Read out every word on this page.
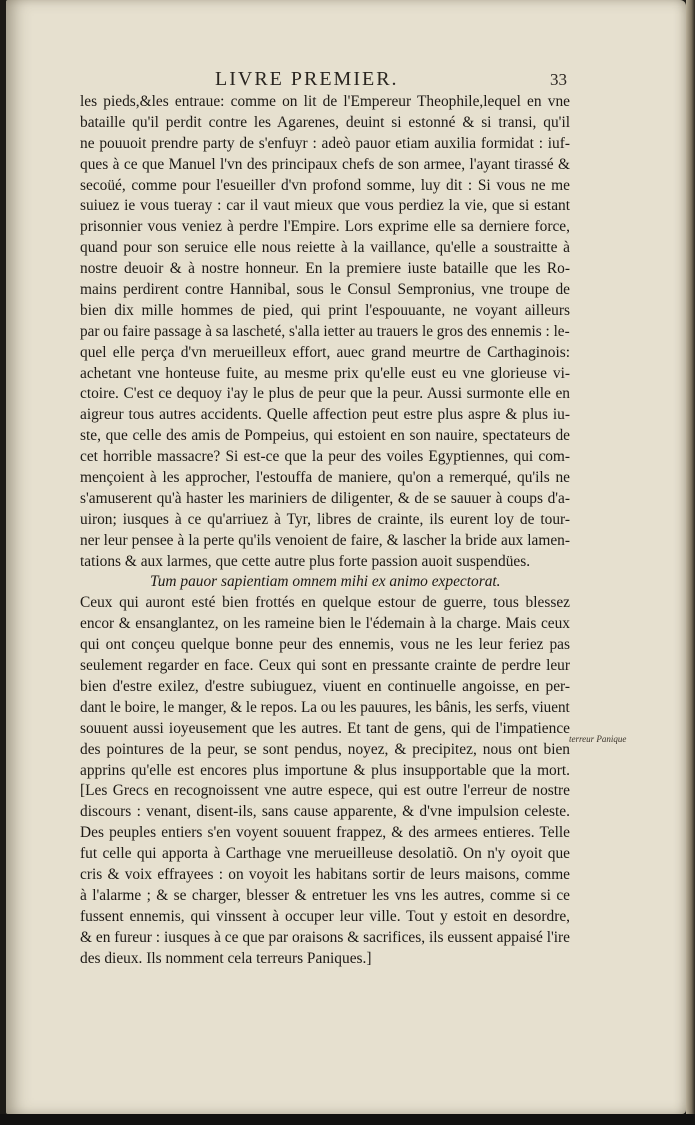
LIVRE PREMIER.	33
les pieds,&les entraue: comme on lit de l'Empereur Theophile,lequel en vne
bataille qu'il perdit contre les Agarenes, deuint si estonné & si transi, qu'il
ne pouuoit prendre party de s'enfuyr : adeò pauor etiam auxilia formidat : iuf-
ques à ce que Manuel l'vn des principaux chefs de son armee, l'ayant tirassé &
secoüé, comme pour l'esueiller d'vn profond somme, luy dit : Si vous ne me
suiuez ie vous tueray : car il vaut mieux que vous perdiez la vie, que si estant
prisonnier vous veniez à perdre l'Empire. Lors exprime elle sa derniere force,
quand pour son seruice elle nous reiette à la vaillance, qu'elle a soustraitte à
nostre deuoir & à nostre honneur. En la premiere iuste bataille que les Ro-
mains perdirent contre Hannibal, sous le Consul Sempronius, vne troupe de
bien dix mille hommes de pied, qui print l'espouuante, ne voyant ailleurs
par ou faire passage à sa lascheté, s'alla ietter au trauers le gros des ennemis : le-
quel elle perça d'vn merueilleux effort, auec grand meurtre de Carthaginois:
achetant vne honteuse fuite, au mesme prix qu'elle eust eu vne glorieuse vi-
ctoire. C'est ce dequoy i'ay le plus de peur que la peur. Aussi surmonte elle en
aigreur tous autres accidents. Quelle affection peut estre plus aspre & plus iu-
ste, que celle des amis de Pompeius, qui estoient en son nauire, spectateurs de
cet horrible massacre? Si est-ce que la peur des voiles Egyptiennes, qui com-
mençoient à les approcher, l'estouffa de maniere, qu'on a remerqué, qu'ils ne
s'amuserent qu'à haster les mariniers de diligenter, & de se sauuer à coups d'a-
uiron; iusques à ce qu'arriuez à Tyr, libres de crainte, ils eurent loy de tour-
ner leur pensee à la perte qu'ils venoient de faire, & lascher la bride aux lamen-
tations & aux larmes, que cette autre plus forte passion auoit suspendües.
Tum pauor sapientiam omnem mihi ex animo expectorat.
Ceux qui auront esté bien frottés en quelque estour de guerre, tous blessez
encor & ensanglantez, on les rameine bien le l'édemain à la charge. Mais ceux
qui ont conçeu quelque bonne peur des ennemis, vous ne les leur feriez pas
seulement regarder en face. Ceux qui sont en pressante crainte de perdre leur
bien d'estre exilez, d'estre subiuguez, viuent en continuelle angoisse, en per-
dant le boire, le manger, & le repos. La ou les pauures, les bânis, les serfs, viuent
souuent aussi ioyeusement que les autres. Et tant de gens, qui de l'impatience
des pointures de la peur, se sont pendus, noyez, & precipitez, nous ont bien
apprins qu'elle est encores plus importune & plus insupportable que la mort.
[Les Grecs en recognoissent vne autre espece, qui est outre l'erreur de nostre
discours : venant, disent-ils, sans cause apparente, & d'vne impulsion celeste.
Des peuples entiers s'en voyent souuent frappez, & des armees entieres. Telle
fut celle qui apporta à Carthage vne merueilleuse desolatiõ. On n'y oyoit que
cris & voix effrayees : on voyoit les habitans sortir de leurs maisons, comme
à l'alarme ; & se charger, blesser & entretuer les vns les autres, comme si ce
fussent ennemis, qui vinssent à occuper leur ville. Tout y estoit en desordre,
& en fureur : iusques à ce que par oraisons & sacrifices, ils eussent appaisé l'ire
des dieux. Ils nomment cela terreurs Paniques.]
terreur Panique
